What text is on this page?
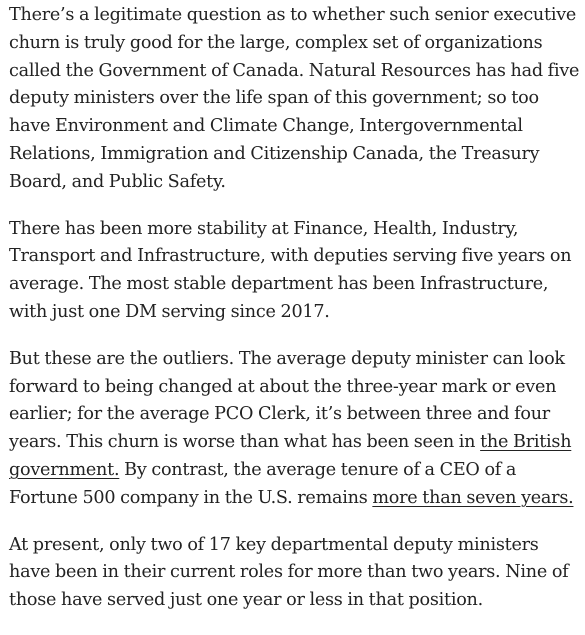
There’s a legitimate question as to whether such senior executive churn is truly good for the large, complex set of organizations called the Government of Canada. Natural Resources has had five deputy ministers over the life span of this government; so too have Environment and Climate Change, Intergovernmental Relations, Immigration and Citizenship Canada, the Treasury Board, and Public Safety.

There has been more stability at Finance, Health, Industry, Transport and Infrastructure, with deputies serving five years on average. The most stable department has been Infrastructure, with just one DM serving since 2017.

But these are the outliers. The average deputy minister can look forward to being changed at about the three-year mark or even earlier; for the average PCO Clerk, it’s between three and four years. This churn is worse than what has been seen in the British government. By contrast, the average tenure of a CEO of a Fortune 500 company in the U.S. remains more than seven years.

At present, only two of 17 key departmental deputy ministers have been in their current roles for more than two years. Nine of those have served just one year or less in that position.
